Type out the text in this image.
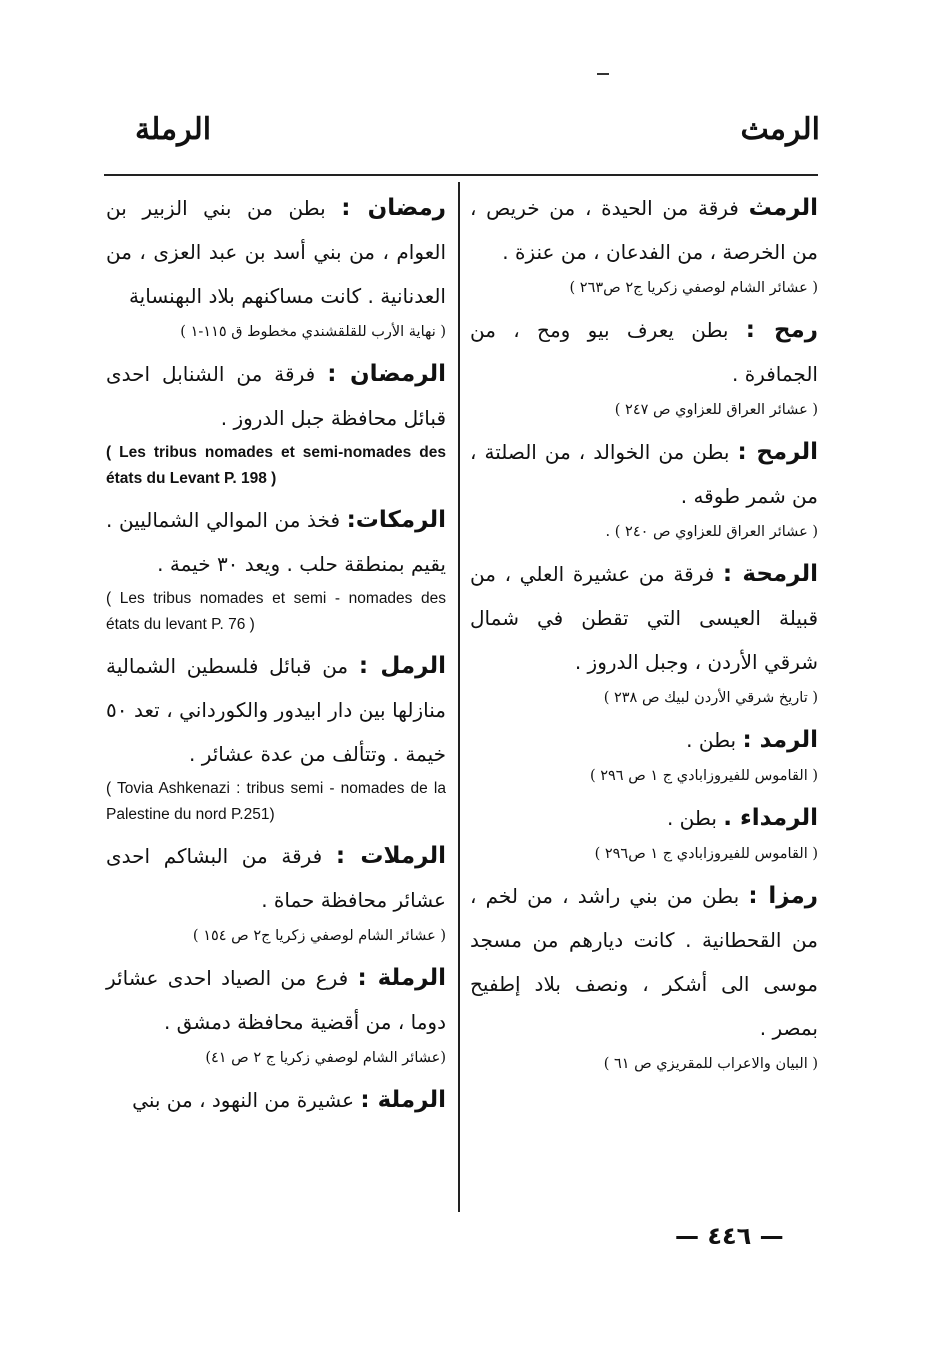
الرمث
الرملة

الرمث فرقة من الحيدة ، من خريص ، من الخرصة ، من الفدعان ، من عنزة .

( عشائر الشام لوصفي زكريا ج٢ ص٢٦٣ )

رمح : بطن يعرف بيو ومح ، من الجمافرة .

( عشائر العراق للعزاوي ص ٢٤٧ )

الرمح : بطن من الخوالد ، من الصلتة ، من شمر طوقه .

( عشائر العراق للعزاوي ص ٢٤٠ ) .

الرمحة : فرقة من عشيرة العلي ، من قبيلة العيسى التي تقطن في شمال شرقي الأردن ، وجبل الدروز .

( تاريخ شرقي الأردن لبيك ص ٢٣٨ )

الرمد : بطن .

( القاموس للفيروزابادي ج ١ ص ٢٩٦ )

الرمداء . بطن .

( القاموس للفيروزابادي ج ١ ص٢٩٦ )

رمزا : بطن من بني راشد ، من لخم ، من القحطانية . كانت ديارهم من مسجد موسى الى أشكر ، ونصف بلاد إطفيح بمصر .

( البيان والاعراب للمقريزي ص ٦١ )

رمضان : بطن من بني الزبير بن العوام ، من بني أسد بن عبد العزى ، من العدنانية . كانت مساكنهم بلاد البهنساية

( نهاية الأرب للقلقشندي مخطوط ق ١١٥-١ )

الرمضان : فرقة من الشنابل احدى قبائل محافظة جبل الدروز .

( Les tribus nomades et semi-nomades des états du Levant P. 198 )

الرمكات: فخذ من الموالي الشماليين . يقيم بمنطقة حلب . ويعد ٣٠ خيمة .

( Les tribus nomades et semi - nomades des états du levant P. 76 )

الرمل : من قبائل فلسطين الشمالية منازلها بين دار ابيدور والكورداني ، تعد ٥٠ خيمة . وتتألف من عدة عشائر .

( Tovia Ashkenazi : tribus semi - nomades de la Palestine du nord P.251)

الرملات : فرقة من البشاكم احدى عشائر محافظة حماة .

( عشائر الشام لوصفي زكريا ج٢ ص ١٥٤ )

الرملة : فرع من الصياد احدى عشائر دوما ، من أقضية محافظة دمشق .

(عشائر الشام لوصفي زكريا ج ٢ ص ٤١)

الرملة : عشيرة من النهود ، من بني

— ٤٤٦ —
